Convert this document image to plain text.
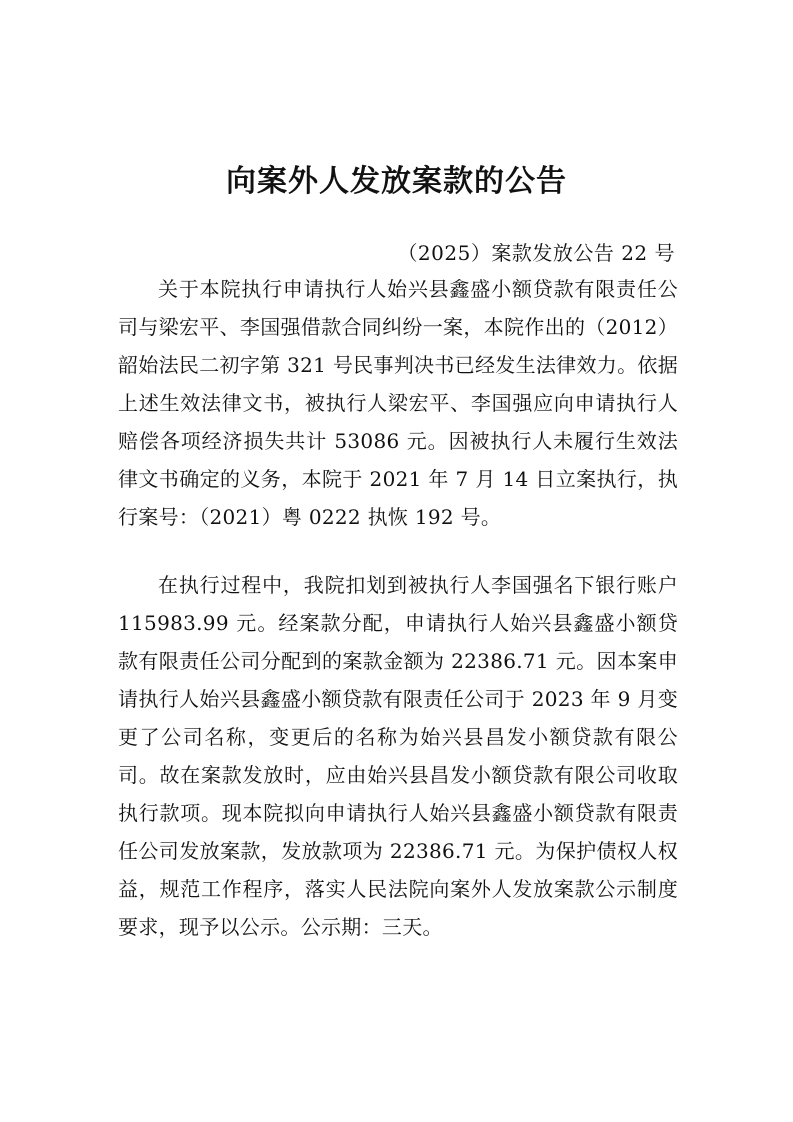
向案外人发放案款的公告

（2025）案款发放公告 22 号

关于本院执行申请执行人始兴县鑫盛小额贷款有限责任公司与梁宏平、李国强借款合同纠纷一案，本院作出的（2012）韶始法民二初字第 321 号民事判决书已经发生法律效力。依据上述生效法律文书，被执行人梁宏平、李国强应向申请执行人赔偿各项经济损失共计 53086 元。因被执行人未履行生效法律文书确定的义务，本院于 2021 年 7 月 14 日立案执行，执行案号：（2021）粤 0222 执恢 192 号。

在执行过程中，我院扣划到被执行人李国强名下银行账户 115983.99 元。经案款分配，申请执行人始兴县鑫盛小额贷款有限责任公司分配到的案款金额为 22386.71 元。因本案申请执行人始兴县鑫盛小额贷款有限责任公司于 2023 年 9 月变更了公司名称，变更后的名称为始兴县昌发小额贷款有限公司。故在案款发放时，应由始兴县昌发小额贷款有限公司收取执行款项。现本院拟向申请执行人始兴县鑫盛小额贷款有限责任公司发放案款，发放款项为 22386.71 元。为保护债权人权益，规范工作程序，落实人民法院向案外人发放案款公示制度要求，现予以公示。公示期：三天。
